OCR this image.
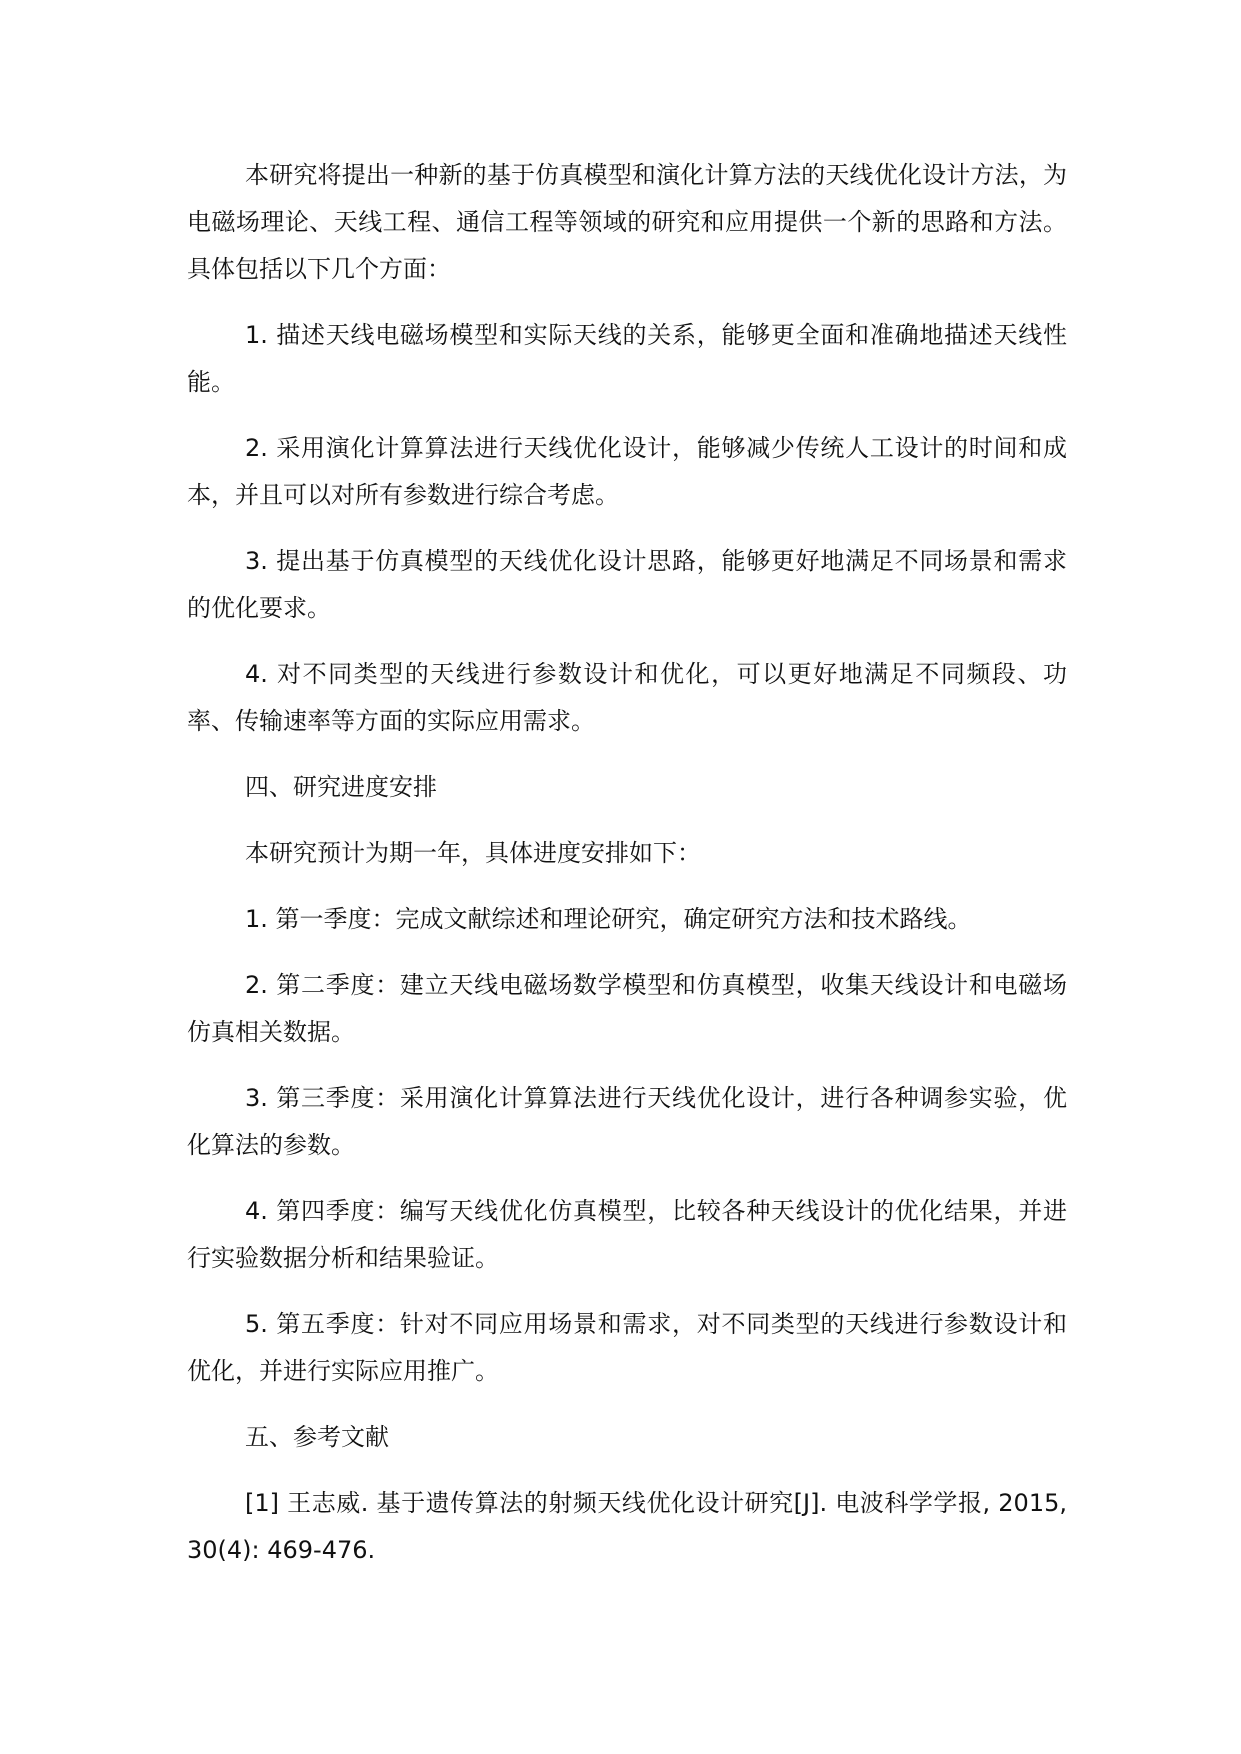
本研究将提出一种新的基于仿真模型和演化计算方法的天线优化设计方法，为电磁场理论、天线工程、通信工程等领域的研究和应用提供一个新的思路和方法。具体包括以下几个方面：

1. 描述天线电磁场模型和实际天线的关系，能够更全面和准确地描述天线性能。

2. 采用演化计算算法进行天线优化设计，能够减少传统人工设计的时间和成本，并且可以对所有参数进行综合考虑。

3. 提出基于仿真模型的天线优化设计思路，能够更好地满足不同场景和需求的优化要求。

4. 对不同类型的天线进行参数设计和优化，可以更好地满足不同频段、功率、传输速率等方面的实际应用需求。

四、研究进度安排

本研究预计为期一年，具体进度安排如下：

1. 第一季度：完成文献综述和理论研究，确定研究方法和技术路线。

2. 第二季度：建立天线电磁场数学模型和仿真模型，收集天线设计和电磁场仿真相关数据。

3. 第三季度：采用演化计算算法进行天线优化设计，进行各种调参实验，优化算法的参数。

4. 第四季度：编写天线优化仿真模型，比较各种天线设计的优化结果，并进行实验数据分析和结果验证。

5. 第五季度：针对不同应用场景和需求，对不同类型的天线进行参数设计和优化，并进行实际应用推广。

五、参考文献

[1] 王志威. 基于遗传算法的射频天线优化设计研究[J]. 电波科学学报, 2015, 30(4): 469-476.
